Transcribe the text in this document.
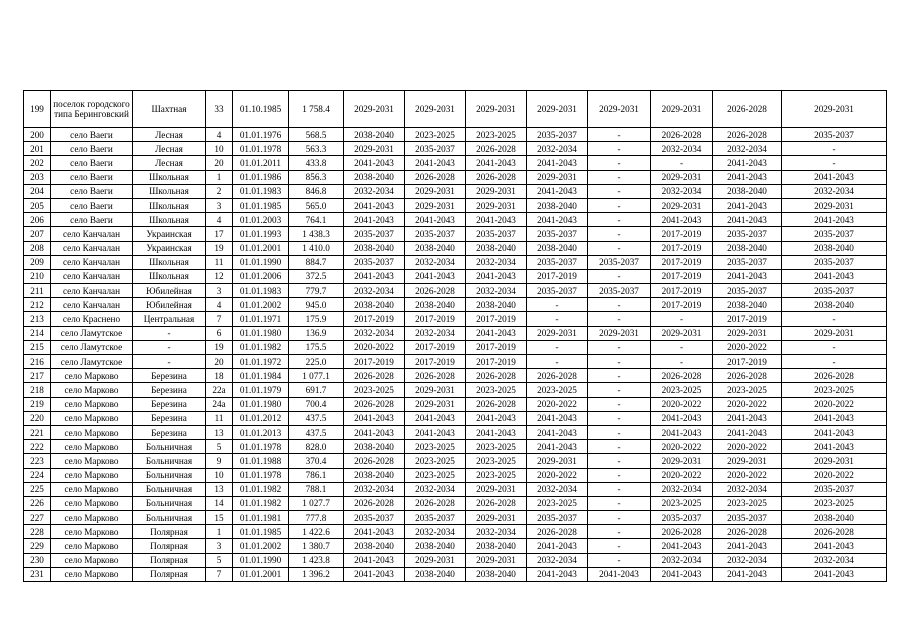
199	поселок городского типа Беринговский	Шахтная	33	01.10.1985	1 758.4	2029-2031	2029-2031	2029-2031	2029-2031	2029-2031	2029-2031	2026-2028	2029-2031
200	село Ваеги	Лесная	4	01.01.1976	568.5	2038-2040	2023-2025	2023-2025	2035-2037	-	2026-2028	2026-2028	2035-2037
201	село Ваеги	Лесная	10	01.01.1978	563.3	2029-2031	2035-2037	2026-2028	2032-2034	-	2032-2034	2032-2034	-
202	село Ваеги	Лесная	20	01.01.2011	433.8	2041-2043	2041-2043	2041-2043	2041-2043	-	-	2041-2043	-
203	село Ваеги	Школьная	1	01.01.1986	856.3	2038-2040	2026-2028	2026-2028	2029-2031	-	2029-2031	2041-2043	2041-2043
204	село Ваеги	Школьная	2	01.01.1983	846.8	2032-2034	2029-2031	2029-2031	2041-2043	-	2032-2034	2038-2040	2032-2034
205	село Ваеги	Школьная	3	01.01.1985	565.0	2041-2043	2029-2031	2029-2031	2038-2040	-	2029-2031	2041-2043	2029-2031
206	село Ваеги	Школьная	4	01.01.2003	764.1	2041-2043	2041-2043	2041-2043	2041-2043	-	2041-2043	2041-2043	2041-2043
207	село Канчалан	Украинская	17	01.01.1993	1 438.3	2035-2037	2035-2037	2035-2037	2035-2037	-	2017-2019	2035-2037	2035-2037
208	село Канчалан	Украинская	19	01.01.2001	1 410.0	2038-2040	2038-2040	2038-2040	2038-2040	-	2017-2019	2038-2040	2038-2040
209	село Канчалан	Школьная	11	01.01.1990	884.7	2035-2037	2032-2034	2032-2034	2035-2037	2035-2037	2017-2019	2035-2037	2035-2037
210	село Канчалан	Школьная	12	01.01.2006	372.5	2041-2043	2041-2043	2041-2043	2017-2019	-	2017-2019	2041-2043	2041-2043
211	село Канчалан	Юбилейная	3	01.01.1983	779.7	2032-2034	2026-2028	2032-2034	2035-2037	2035-2037	2017-2019	2035-2037	2035-2037
212	село Канчалан	Юбилейная	4	01.01.2002	945.0	2038-2040	2038-2040	2038-2040	-	-	2017-2019	2038-2040	2038-2040
213	село Краснено	Центральная	7	01.01.1971	175.9	2017-2019	2017-2019	2017-2019	-	-	-	2017-2019	-
214	село Ламутское	-	6	01.01.1980	136.9	2032-2034	2032-2034	2041-2043	2029-2031	2029-2031	2029-2031	2029-2031	2029-2031
215	село Ламутское	-	19	01.01.1982	175.5	2020-2022	2017-2019	2017-2019	-	-	-	2020-2022	-
216	село Ламутское	-	20	01.01.1972	225.0	2017-2019	2017-2019	2017-2019	-	-	-	2017-2019	-
217	село Марково	Березина	18	01.01.1984	1 077.1	2026-2028	2026-2028	2026-2028	2026-2028	-	2026-2028	2026-2028	2026-2028
218	село Марково	Березина	22а	01.01.1979	691.7	2023-2025	2029-2031	2023-2025	2023-2025	-	2023-2025	2023-2025	2023-2025
219	село Марково	Березина	24а	01.01.1980	700.4	2026-2028	2029-2031	2026-2028	2020-2022	-	2020-2022	2020-2022	2020-2022
220	село Марково	Березина	11	01.01.2012	437.5	2041-2043	2041-2043	2041-2043	2041-2043	-	2041-2043	2041-2043	2041-2043
221	село Марково	Березина	13	01.01.2013	437.5	2041-2043	2041-2043	2041-2043	2041-2043	-	2041-2043	2041-2043	2041-2043
222	село Марково	Больничная	5	01.01.1978	828.0	2038-2040	2023-2025	2023-2025	2041-2043	-	2020-2022	2020-2022	2041-2043
223	село Марково	Больничная	9	01.01.1988	370.4	2026-2028	2023-2025	2023-2025	2029-2031	-	2029-2031	2029-2031	2029-2031
224	село Марково	Больничная	10	01.01.1978	786.1	2038-2040	2023-2025	2023-2025	2020-2022	-	2020-2022	2020-2022	2020-2022
225	село Марково	Больничная	13	01.01.1982	788.1	2032-2034	2032-2034	2029-2031	2032-2034	-	2032-2034	2032-2034	2035-2037
226	село Марково	Больничная	14	01.01.1982	1 027.7	2026-2028	2026-2028	2026-2028	2023-2025	-	2023-2025	2023-2025	2023-2025
227	село Марково	Больничная	15	01.01.1981	777.8	2035-2037	2035-2037	2029-2031	2035-2037	-	2035-2037	2035-2037	2038-2040
228	село Марково	Полярная	1	01.01.1985	1 422.6	2041-2043	2032-2034	2032-2034	2026-2028	-	2026-2028	2026-2028	2026-2028
229	село Марково	Полярная	3	01.01.2002	1 380.7	2038-2040	2038-2040	2038-2040	2041-2043	-	2041-2043	2041-2043	2041-2043
230	село Марково	Полярная	5	01.01.1990	1 423.8	2041-2043	2029-2031	2029-2031	2032-2034	-	2032-2034	2032-2034	2032-2034
231	село Марково	Полярная	7	01.01.2001	1 396.2	2041-2043	2038-2040	2038-2040	2041-2043	2041-2043	2041-2043	2041-2043	2041-2043
